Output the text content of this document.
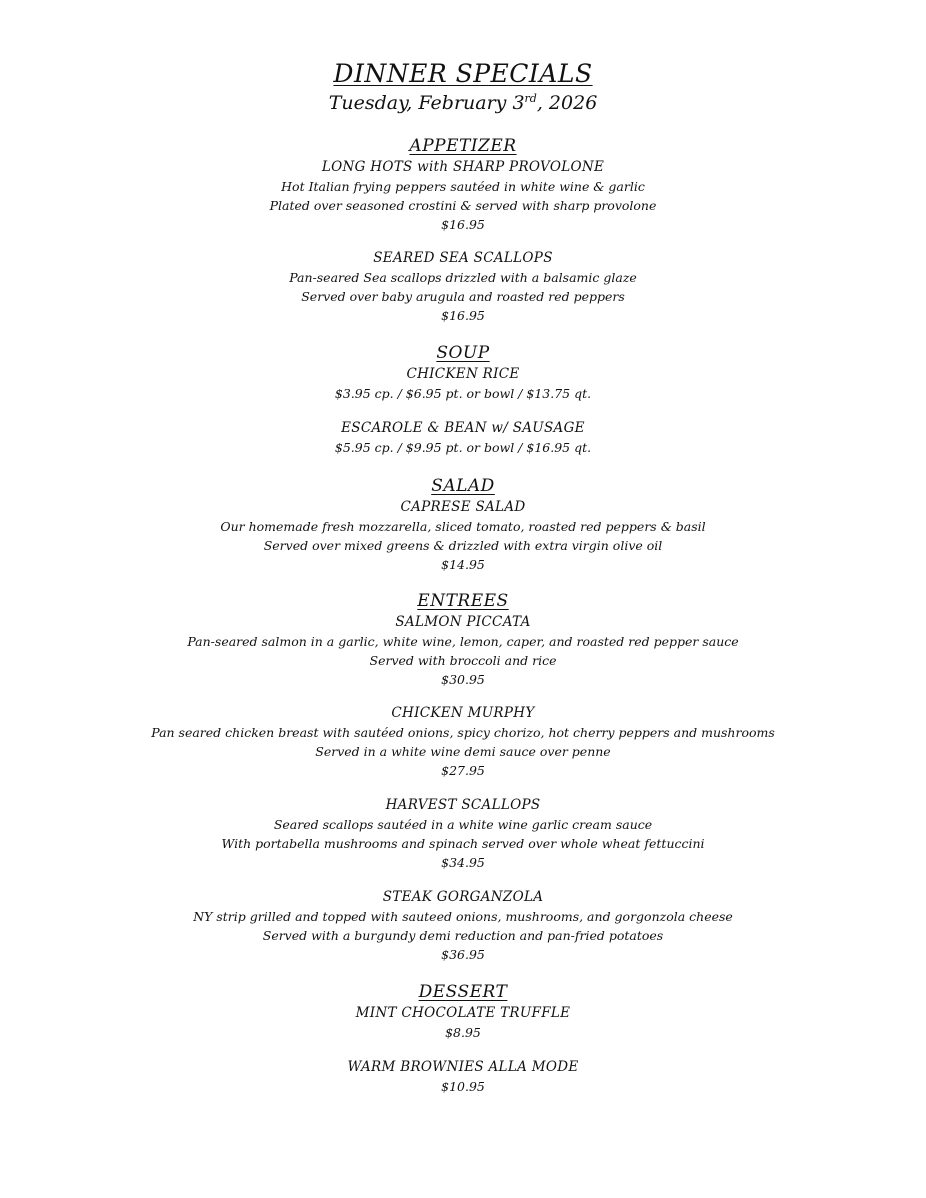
DINNER SPECIALS
Tuesday, February 3rd, 2026
APPETIZER
LONG HOTS with SHARP PROVOLONE
Hot Italian frying peppers sautéed in white wine & garlic
Plated over seasoned crostini & served with sharp provolone
$16.95
SEARED SEA SCALLOPS
Pan-seared Sea scallops drizzled with a balsamic glaze
Served over baby arugula and roasted red peppers
$16.95
SOUP
CHICKEN RICE
$3.95 cp. / $6.95 pt. or bowl / $13.75 qt.
ESCAROLE & BEAN w/ SAUSAGE
$5.95 cp. / $9.95 pt. or bowl / $16.95 qt.
SALAD
CAPRESE SALAD
Our homemade fresh mozzarella, sliced tomato, roasted red peppers & basil
Served over mixed greens & drizzled with extra virgin olive oil
$14.95
ENTREES
SALMON PICCATA
Pan-seared salmon in a garlic, white wine, lemon, caper, and roasted red pepper sauce
Served with broccoli and rice
$30.95
CHICKEN MURPHY
Pan seared chicken breast with sautéed onions, spicy chorizo, hot cherry peppers and mushrooms
Served in a white wine demi sauce over penne
$27.95
HARVEST SCALLOPS
Seared scallops sautéed in a white wine garlic cream sauce
With portabella mushrooms and spinach served over whole wheat fettuccini
$34.95
STEAK GORGANZOLA
NY strip grilled and topped with sauteed onions, mushrooms, and gorgonzola cheese
Served with a burgundy demi reduction and pan-fried potatoes
$36.95
DESSERT
MINT CHOCOLATE TRUFFLE
$8.95
WARM BROWNIES ALLA MODE
$10.95
